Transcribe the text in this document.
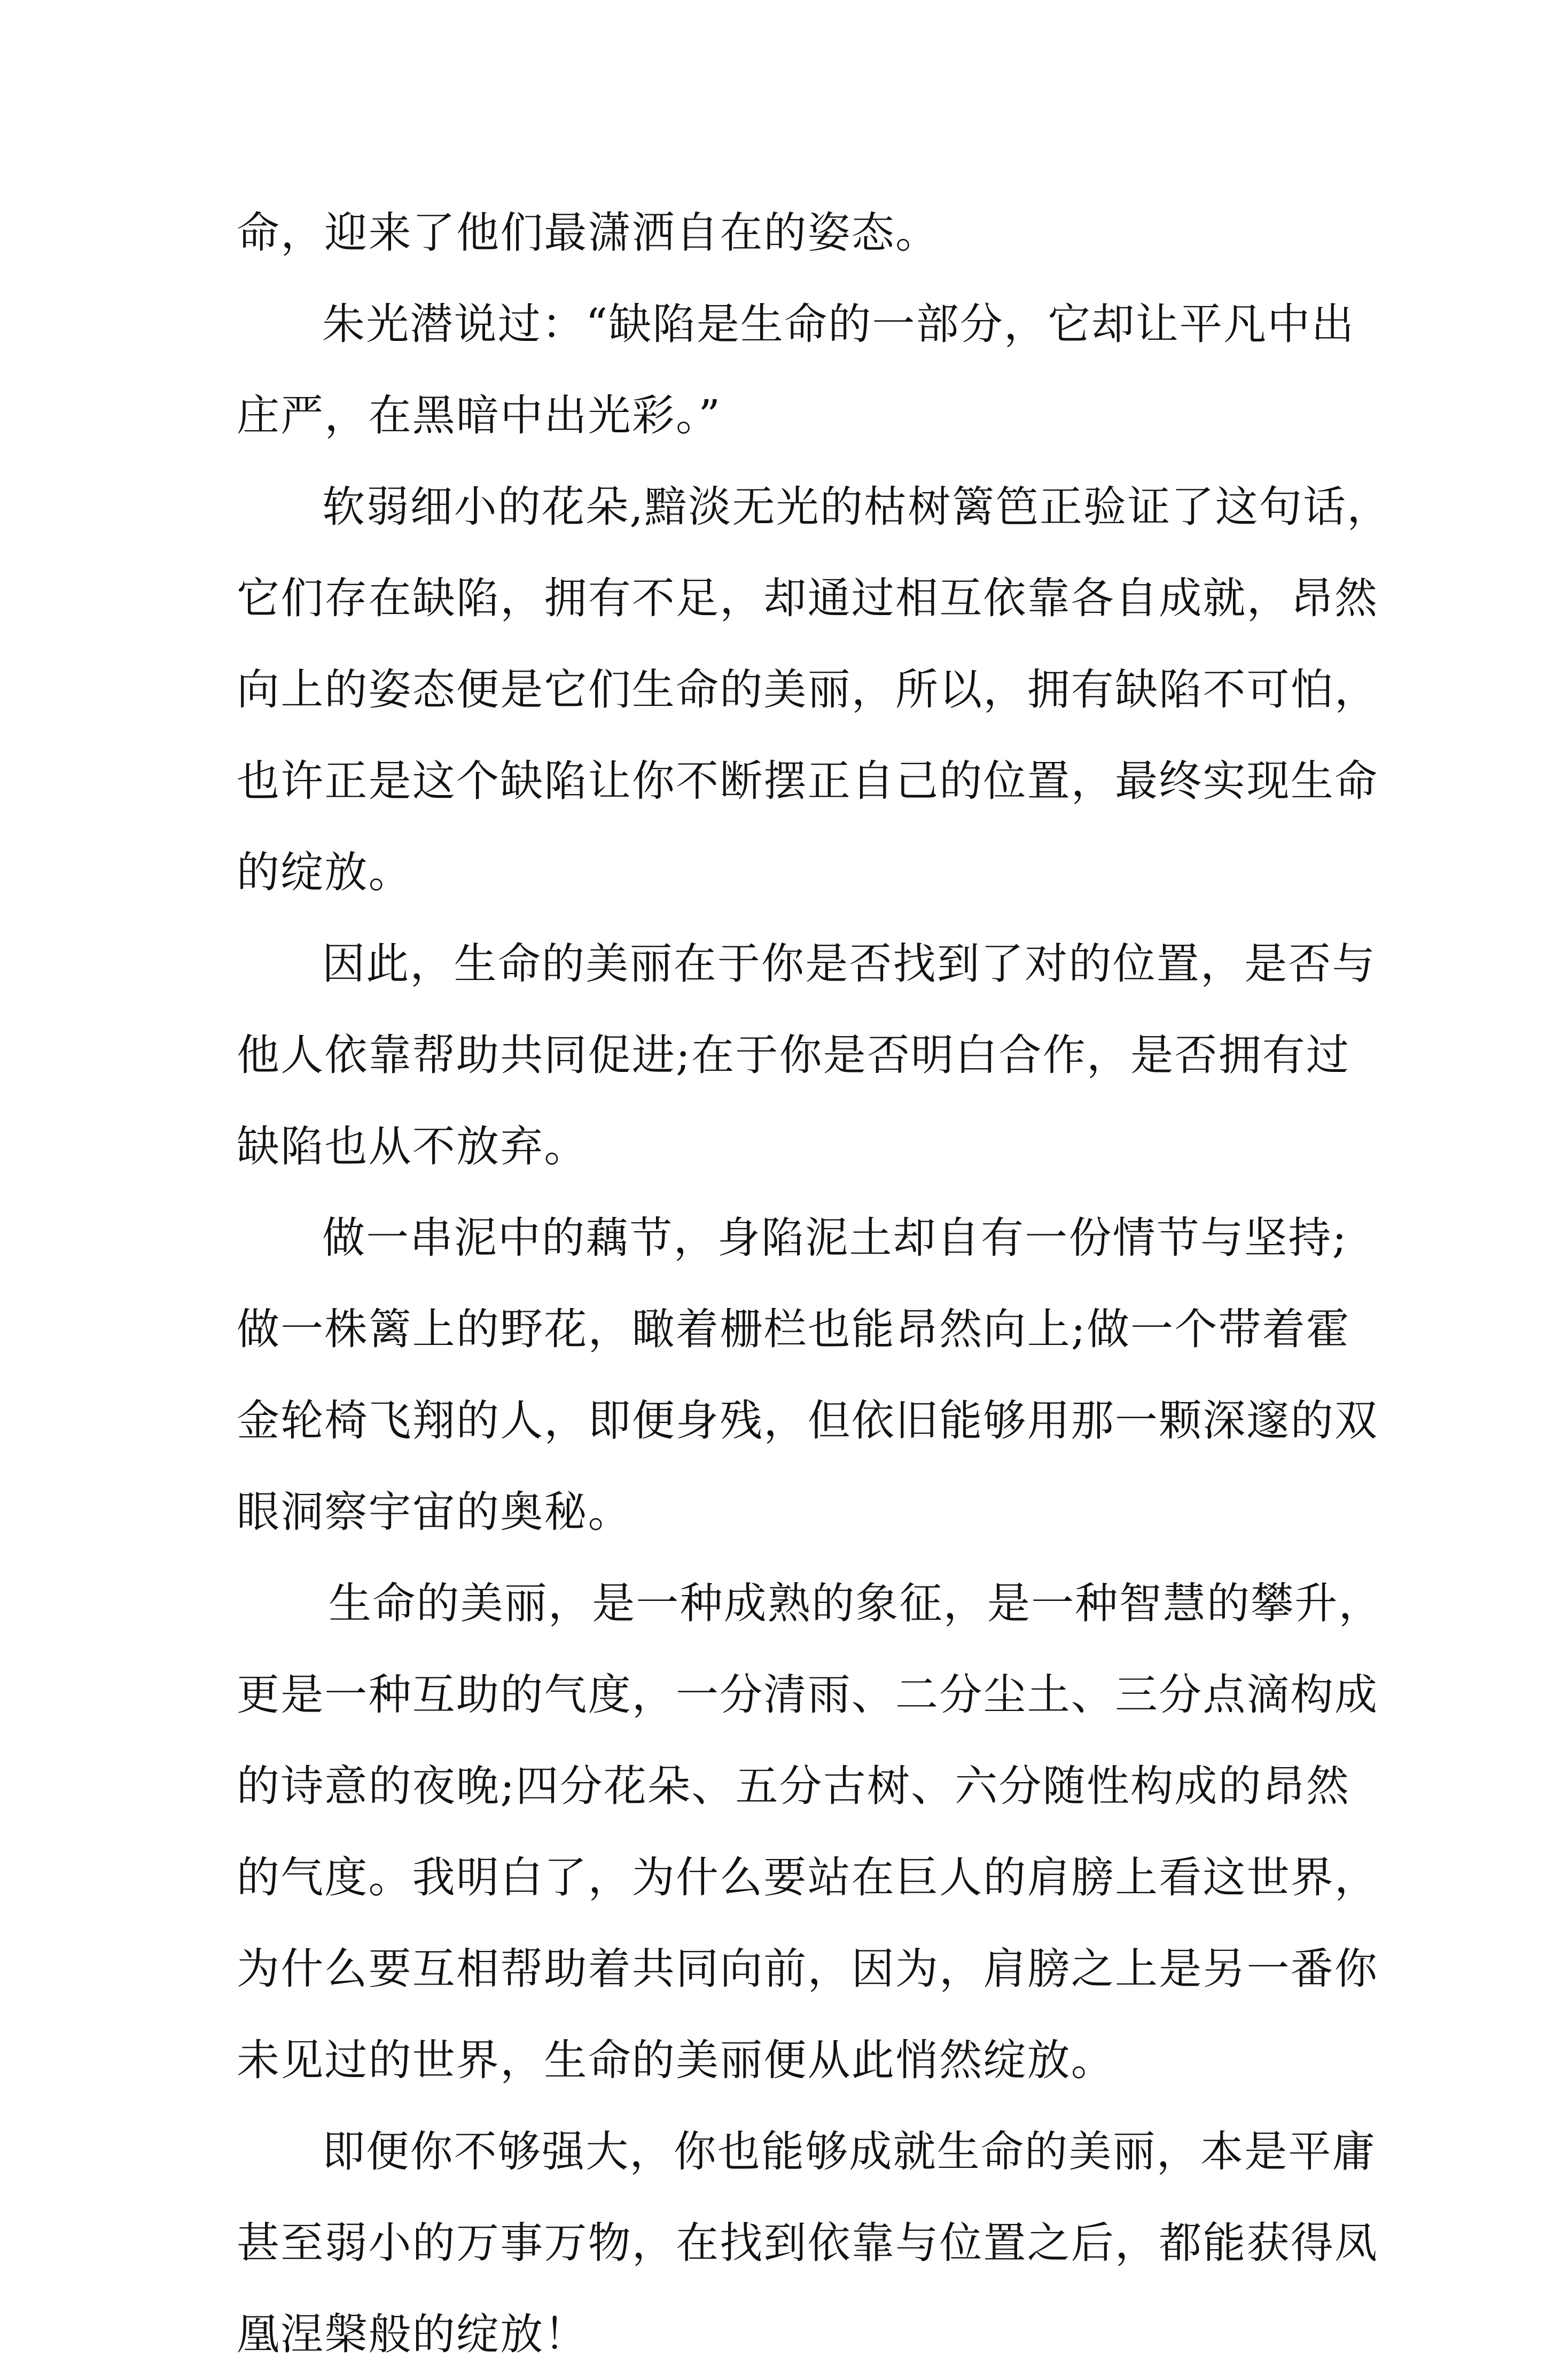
命，迎来了他们最潇洒自在的姿态。
朱光潜说过：“缺陷是生命的一部分，它却让平凡中出
庄严，在黑暗中出光彩。”
软弱细小的花朵,黯淡无光的枯树篱笆正验证了这句话，
它们存在缺陷，拥有不足，却通过相互依靠各自成就，昂然
向上的姿态便是它们生命的美丽，所以，拥有缺陷不可怕，
也许正是这个缺陷让你不断摆正自己的位置，最终实现生命
的绽放。
因此，生命的美丽在于你是否找到了对的位置，是否与
他人依靠帮助共同促进;在于你是否明白合作，是否拥有过
缺陷也从不放弃。
做一串泥中的藕节，身陷泥土却自有一份情节与坚持;
做一株篱上的野花，瞰着栅栏也能昂然向上;做一个带着霍
金轮椅飞翔的人，即便身残，但依旧能够用那一颗深邃的双
眼洞察宇宙的奥秘。
生命的美丽，是一种成熟的象征，是一种智慧的攀升，
更是一种互助的气度，一分清雨、二分尘土、三分点滴构成
的诗意的夜晚;四分花朵、五分古树、六分随性构成的昂然
的气度。我明白了，为什么要站在巨人的肩膀上看这世界，
为什么要互相帮助着共同向前，因为，肩膀之上是另一番你
未见过的世界，生命的美丽便从此悄然绽放。
即便你不够强大，你也能够成就生命的美丽，本是平庸
甚至弱小的万事万物，在找到依靠与位置之后，都能获得凤
凰涅槃般的绽放！
